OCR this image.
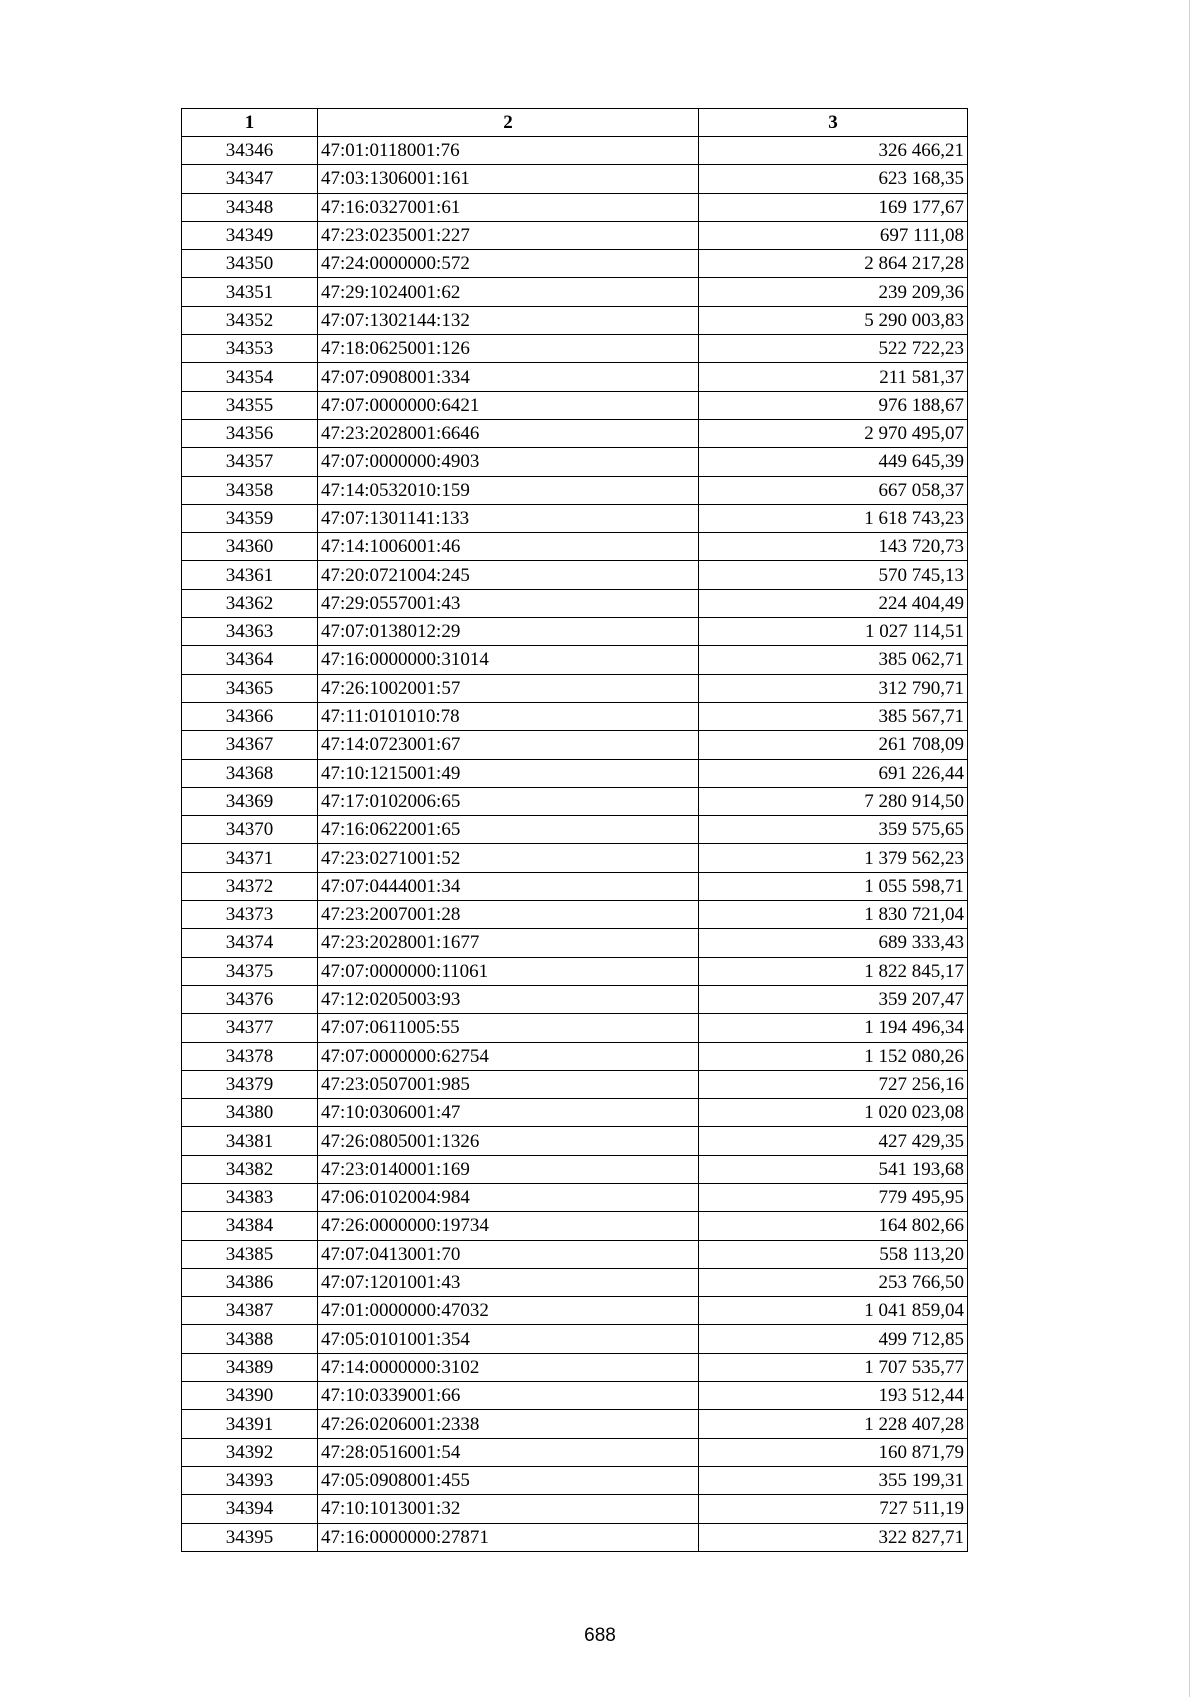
1	2	3
34346	47:01:0118001:76	326 466,21
34347	47:03:1306001:161	623 168,35
34348	47:16:0327001:61	169 177,67
34349	47:23:0235001:227	697 111,08
34350	47:24:0000000:572	2 864 217,28
34351	47:29:1024001:62	239 209,36
34352	47:07:1302144:132	5 290 003,83
34353	47:18:0625001:126	522 722,23
34354	47:07:0908001:334	211 581,37
34355	47:07:0000000:6421	976 188,67
34356	47:23:2028001:6646	2 970 495,07
34357	47:07:0000000:4903	449 645,39
34358	47:14:0532010:159	667 058,37
34359	47:07:1301141:133	1 618 743,23
34360	47:14:1006001:46	143 720,73
34361	47:20:0721004:245	570 745,13
34362	47:29:0557001:43	224 404,49
34363	47:07:0138012:29	1 027 114,51
34364	47:16:0000000:31014	385 062,71
34365	47:26:1002001:57	312 790,71
34366	47:11:0101010:78	385 567,71
34367	47:14:0723001:67	261 708,09
34368	47:10:1215001:49	691 226,44
34369	47:17:0102006:65	7 280 914,50
34370	47:16:0622001:65	359 575,65
34371	47:23:0271001:52	1 379 562,23
34372	47:07:0444001:34	1 055 598,71
34373	47:23:2007001:28	1 830 721,04
34374	47:23:2028001:1677	689 333,43
34375	47:07:0000000:11061	1 822 845,17
34376	47:12:0205003:93	359 207,47
34377	47:07:0611005:55	1 194 496,34
34378	47:07:0000000:62754	1 152 080,26
34379	47:23:0507001:985	727 256,16
34380	47:10:0306001:47	1 020 023,08
34381	47:26:0805001:1326	427 429,35
34382	47:23:0140001:169	541 193,68
34383	47:06:0102004:984	779 495,95
34384	47:26:0000000:19734	164 802,66
34385	47:07:0413001:70	558 113,20
34386	47:07:1201001:43	253 766,50
34387	47:01:0000000:47032	1 041 859,04
34388	47:05:0101001:354	499 712,85
34389	47:14:0000000:3102	1 707 535,77
34390	47:10:0339001:66	193 512,44
34391	47:26:0206001:2338	1 228 407,28
34392	47:28:0516001:54	160 871,79
34393	47:05:0908001:455	355 199,31
34394	47:10:1013001:32	727 511,19
34395	47:16:0000000:27871	322 827,71
688
